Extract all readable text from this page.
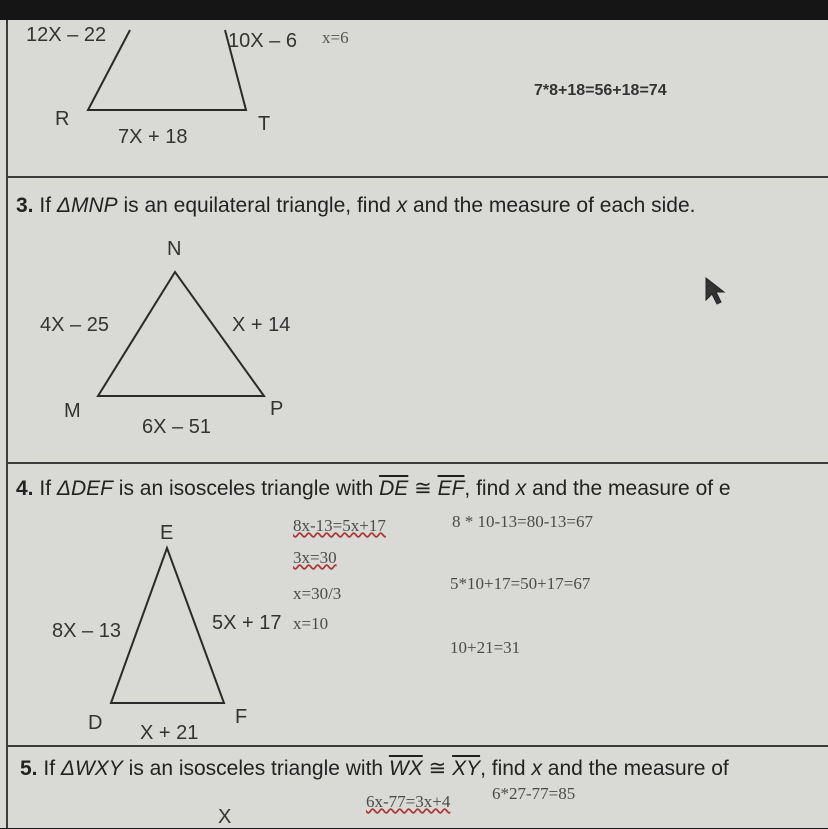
12X – 22	10X – 6 x=6
R	T
7X + 18
7*8+18=56+18=74
3. If ΔMNP is an equilateral triangle, find x and the measure of each side.
N
4X – 25	X + 14
M	P
6X – 51
4. If ΔDEF is an isosceles triangle with $\overline{DE}$ ≅ $\overline{EF}$, find x and the measure of e
E
8X – 13	5X + 17
D	F
X + 21
8x-13=5x+17
3x=30
x=30/3
x=10
8 * 10-13=80-13=67
5*10+17=50+17=67
10+21=31
5. If ΔWXY is an isosceles triangle with $\overline{WX}$ ≅ $\overline{XY}$, find x and the measure of
6x-77=3x+4 6*27-77=85
X
